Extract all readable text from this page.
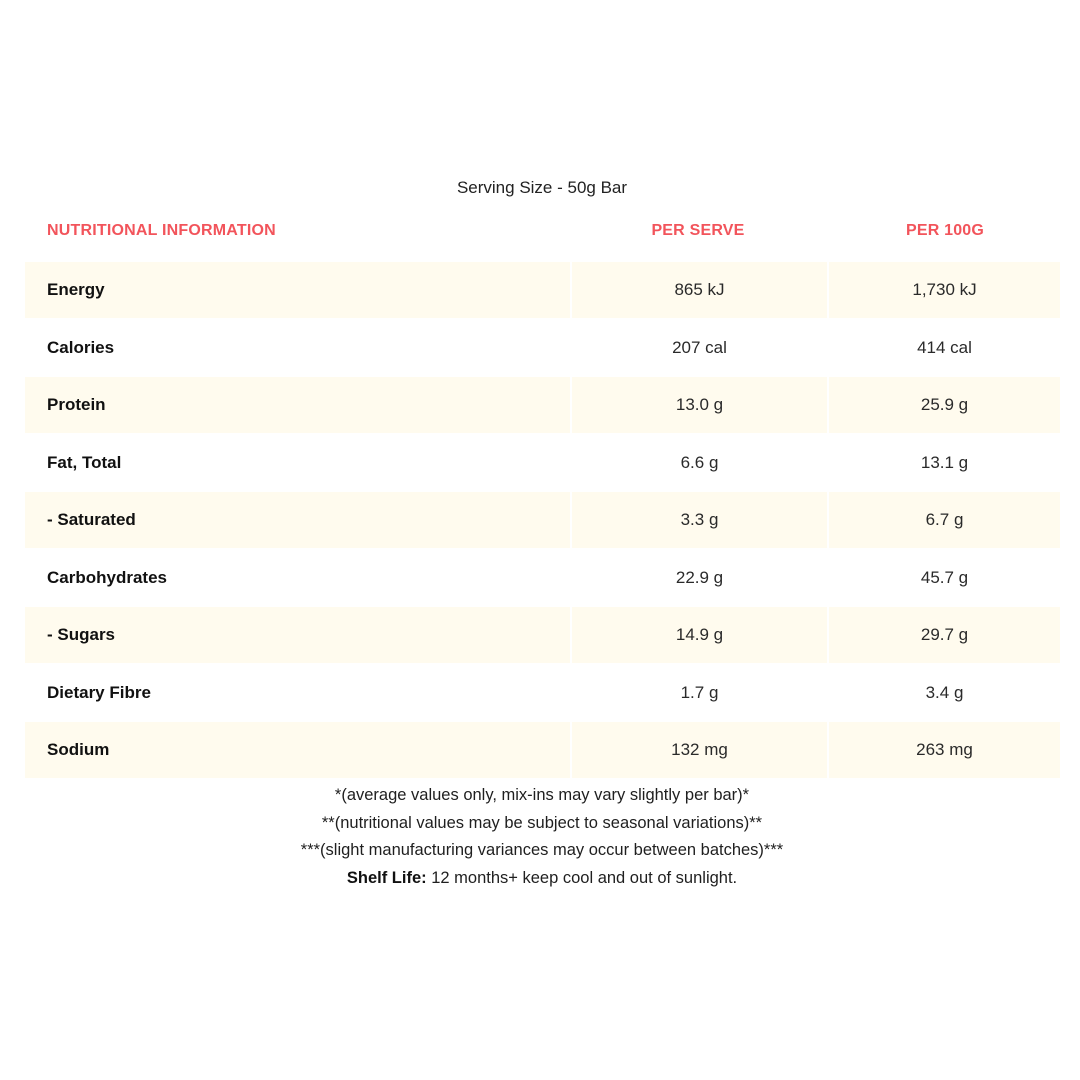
Serving Size - 50g Bar
NUTRITIONAL INFORMATION	PER SERVE	PER 100G
Energy	865 kJ	1,730 kJ
Calories	207 cal	414 cal
Protein	13.0 g	25.9 g
Fat, Total	6.6 g	13.1 g
- Saturated	3.3 g	6.7 g
Carbohydrates	22.9 g	45.7 g
- Sugars	14.9 g	29.7 g
Dietary Fibre	1.7 g	3.4 g
Sodium	132 mg	263 mg
*(average values only, mix-ins may vary slightly per bar)*
**(nutritional values may be subject to seasonal variations)**
***(slight manufacturing variances may occur between batches)***
Shelf Life: 12 months+ keep cool and out of sunlight.
